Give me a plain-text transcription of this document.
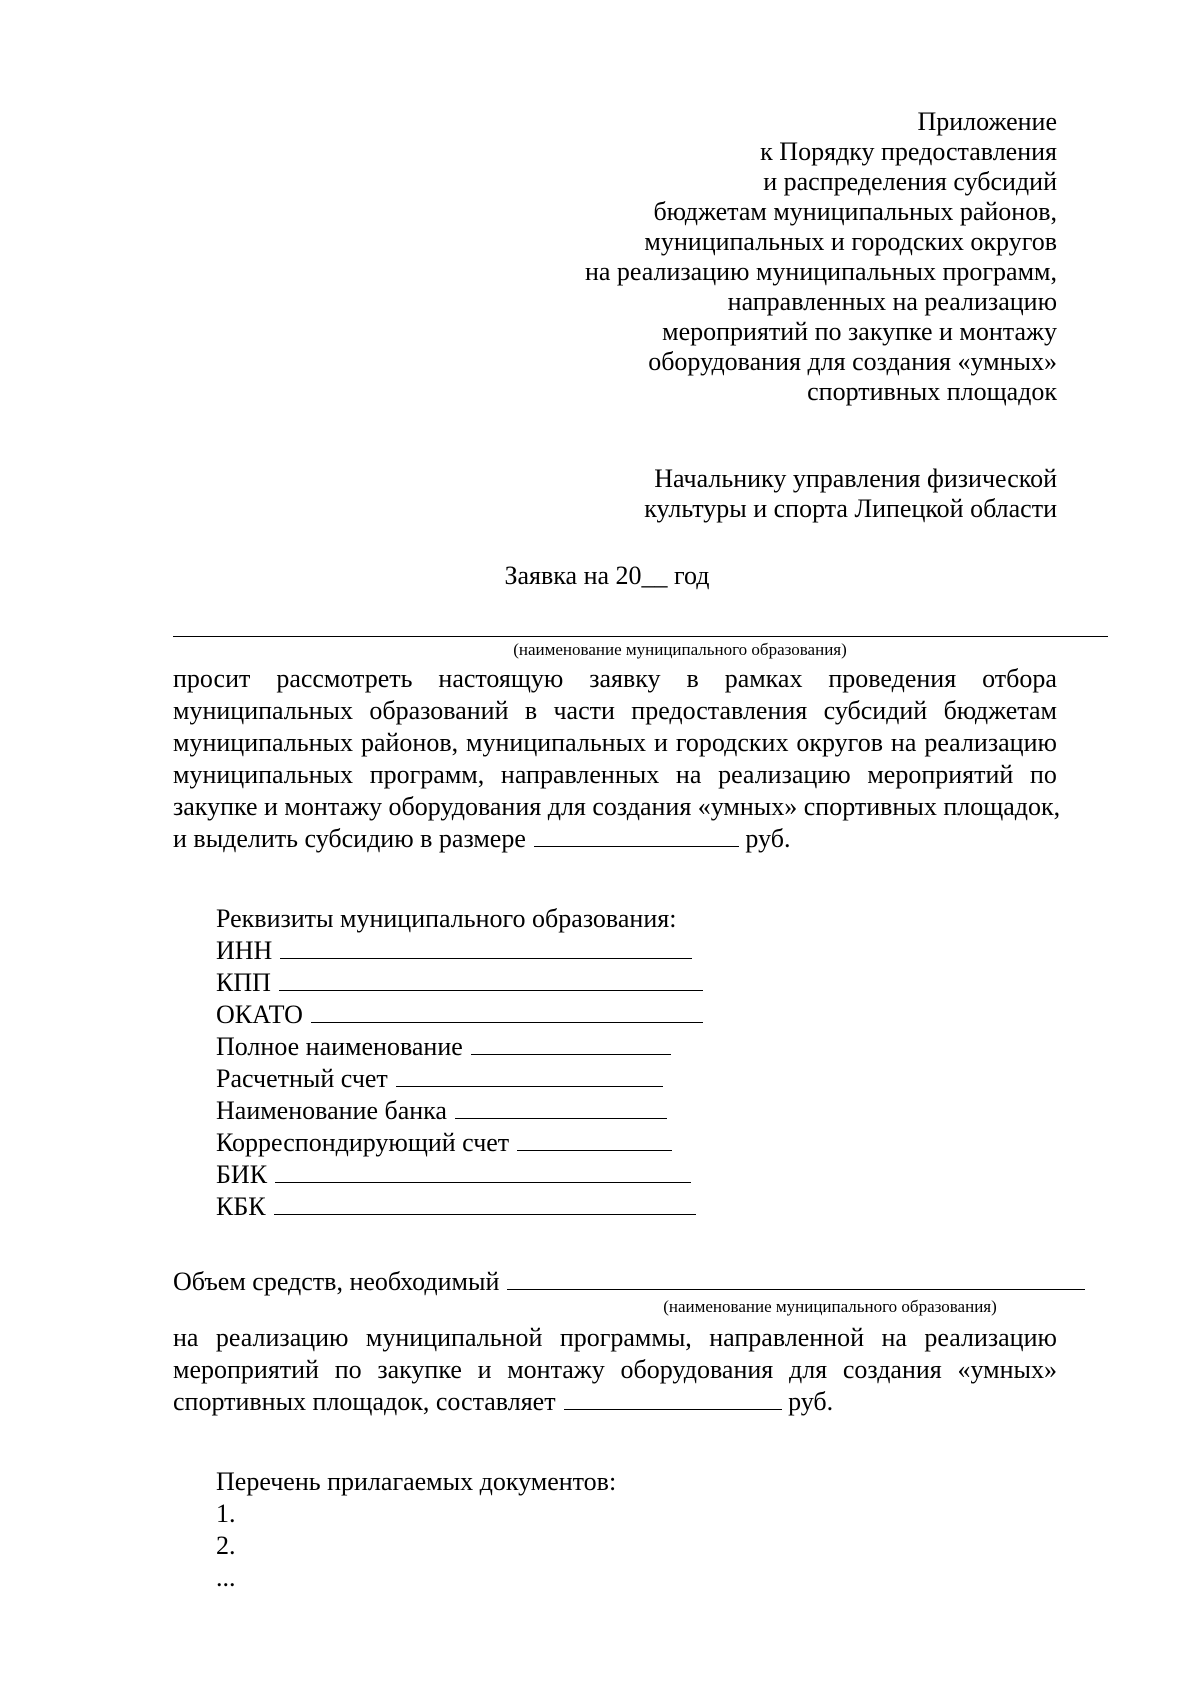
Приложение
к Порядку предоставления
и распределения субсидий
бюджетам муниципальных районов,
муниципальных и городских округов
на реализацию муниципальных программ,
направленных на реализацию
мероприятий по закупке и монтажу
оборудования для создания «умных»
спортивных площадок
Начальнику управления физической
культуры и спорта Липецкой области
Заявка на 20__ год
(наименование муниципального образования)
просит рассмотреть настоящую заявку в рамках проведения отбора
муниципальных образований в части предоставления субсидий бюджетам
муниципальных районов, муниципальных и городских округов на реализацию
муниципальных программ, направленных на реализацию мероприятий по
закупке и монтажу оборудования для создания «умных» спортивных площадок,
и выделить субсидию в размере	руб.
Реквизиты муниципального образования:
ИНН
КПП
ОКАТО
Полное наименование
Расчетный счет
Наименование банка
Корреспондирующий счет
БИК
КБК
Объем средств, необходимый
(наименование муниципального образования)
на реализацию муниципальной программы, направленной на реализацию
мероприятий по закупке и монтажу оборудования для создания «умных»
спортивных площадок, составляет	руб.
Перечень прилагаемых документов:
1.
2.
...
